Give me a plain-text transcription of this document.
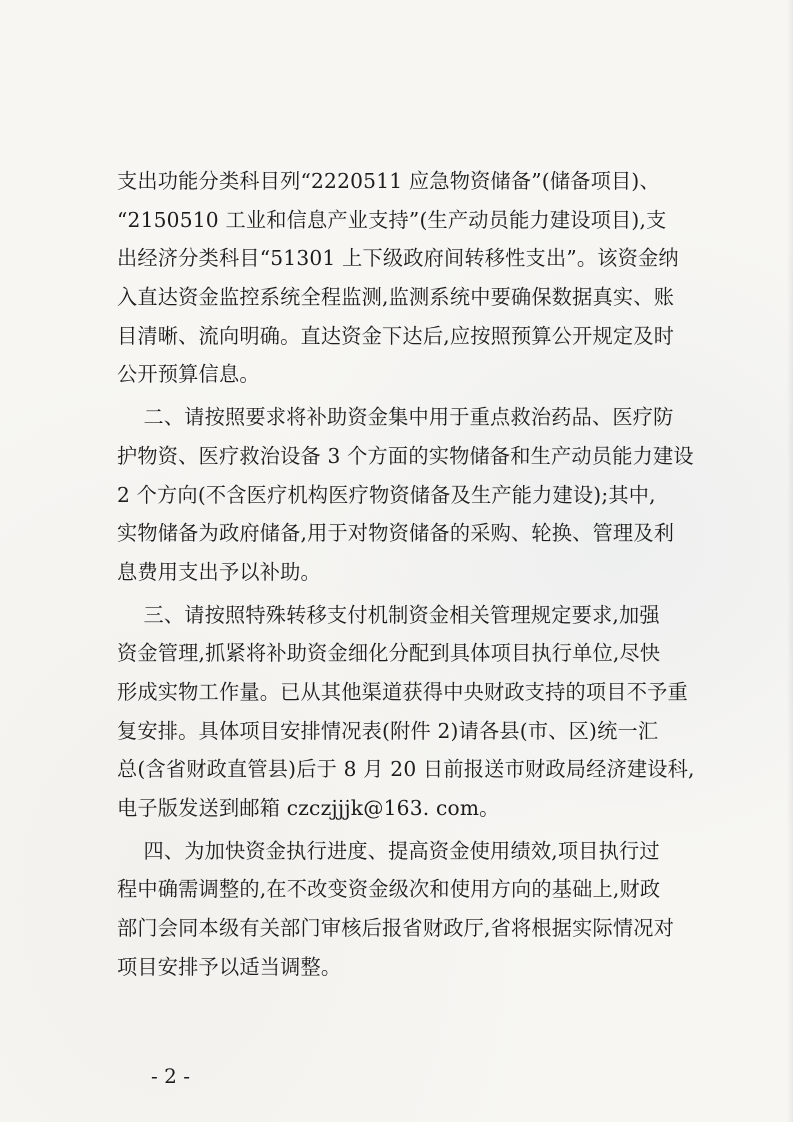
支出功能分类科目列“2220511 应急物资储备”(储备项目)、
“2150510 工业和信息产业支持”(生产动员能力建设项目),支
出经济分类科目“51301 上下级政府间转移性支出”。该资金纳
入直达资金监控系统全程监测,监测系统中要确保数据真实、账
目清晰、流向明确。直达资金下达后,应按照预算公开规定及时
公开预算信息。
二、请按照要求将补助资金集中用于重点救治药品、医疗防
护物资、医疗救治设备 3 个方面的实物储备和生产动员能力建设
2 个方向(不含医疗机构医疗物资储备及生产能力建设);其中,
实物储备为政府储备,用于对物资储备的采购、轮换、管理及利
息费用支出予以补助。
三、请按照特殊转移支付机制资金相关管理规定要求,加强
资金管理,抓紧将补助资金细化分配到具体项目执行单位,尽快
形成实物工作量。已从其他渠道获得中央财政支持的项目不予重
复安排。具体项目安排情况表(附件 2)请各县(市、区)统一汇
总(含省财政直管县)后于 8 月 20 日前报送市财政局经济建设科,
电子版发送到邮箱 czczjjjk@163. com。
四、为加快资金执行进度、提高资金使用绩效,项目执行过
程中确需调整的,在不改变资金级次和使用方向的基础上,财政
部门会同本级有关部门审核后报省财政厅,省将根据实际情况对
项目安排予以适当调整。
- 2 -
